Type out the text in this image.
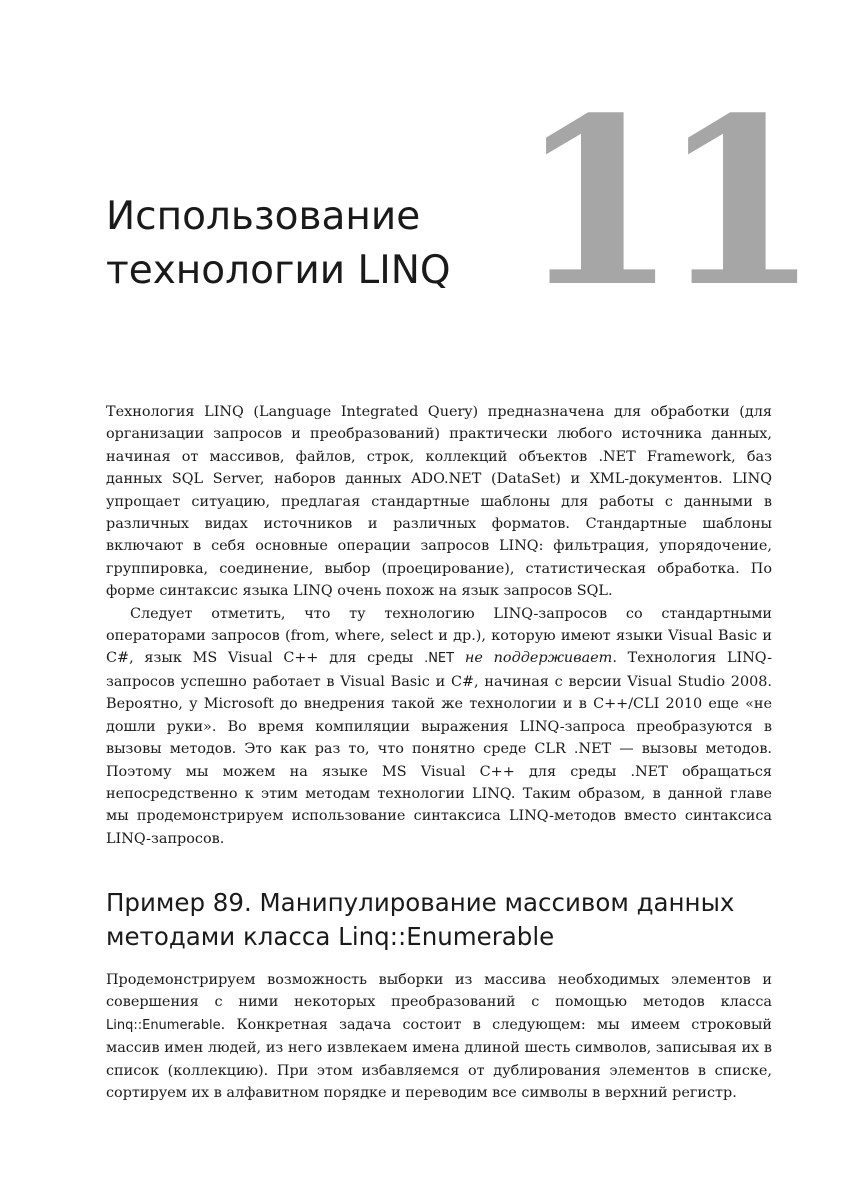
11
Использование
технологии LINQ

Технология LINQ (Language Integrated Query) предназначена для обработки (для организации запросов и преобразований) практически любого источника данных, начиная от массивов, файлов, строк, коллекций объектов .NET Framework, баз данных SQL Server, наборов данных ADO.NET (DataSet) и XML-документов. LINQ упрощает ситуацию, предлагая стандартные шаблоны для работы с данными в различных видах источников и различных форматов. Стандартные шаблоны включают в себя основные операции запросов LINQ: фильтрация, упорядочение, группировка, соединение, выбор (проецирование), статистическая обработка. По форме синтаксис языка LINQ очень похож на язык запросов SQL.

Следует отметить, что ту технологию LINQ-запросов со стандартными операторами запросов (from, where, select и др.), которую имеют языки Visual Basic и C#, язык MS Visual C++ для среды .NET не поддерживает. Технология LINQ-запросов успешно работает в Visual Basic и C#, начиная с версии Visual Studio 2008. Вероятно, у Microsoft до внедрения такой же технологии и в C++/CLI 2010 еще «не дошли руки». Во время компиляции выражения LINQ-запроса преобразуются в вызовы методов. Это как раз то, что понятно среде CLR .NET — вызовы методов. Поэтому мы можем на языке MS Visual C++ для среды .NET обращаться непосредственно к этим методам технологии LINQ. Таким образом, в данной главе мы продемонстрируем использование синтаксиса LINQ-методов вместо синтаксиса LINQ-запросов.

Пример 89. Манипулирование массивом данных
методами класса Linq::Enumerable

Продемонстрируем возможность выборки из массива необходимых элементов и совершения с ними некоторых преобразований с помощью методов класса Linq::Enumerable. Конкретная задача состоит в следующем: мы имеем строковый массив имен людей, из него извлекаем имена длиной шесть символов, записывая их в список (коллекцию). При этом избавляемся от дублирования элементов в списке, сортируем их в алфавитном порядке и переводим все символы в верхний регистр.
